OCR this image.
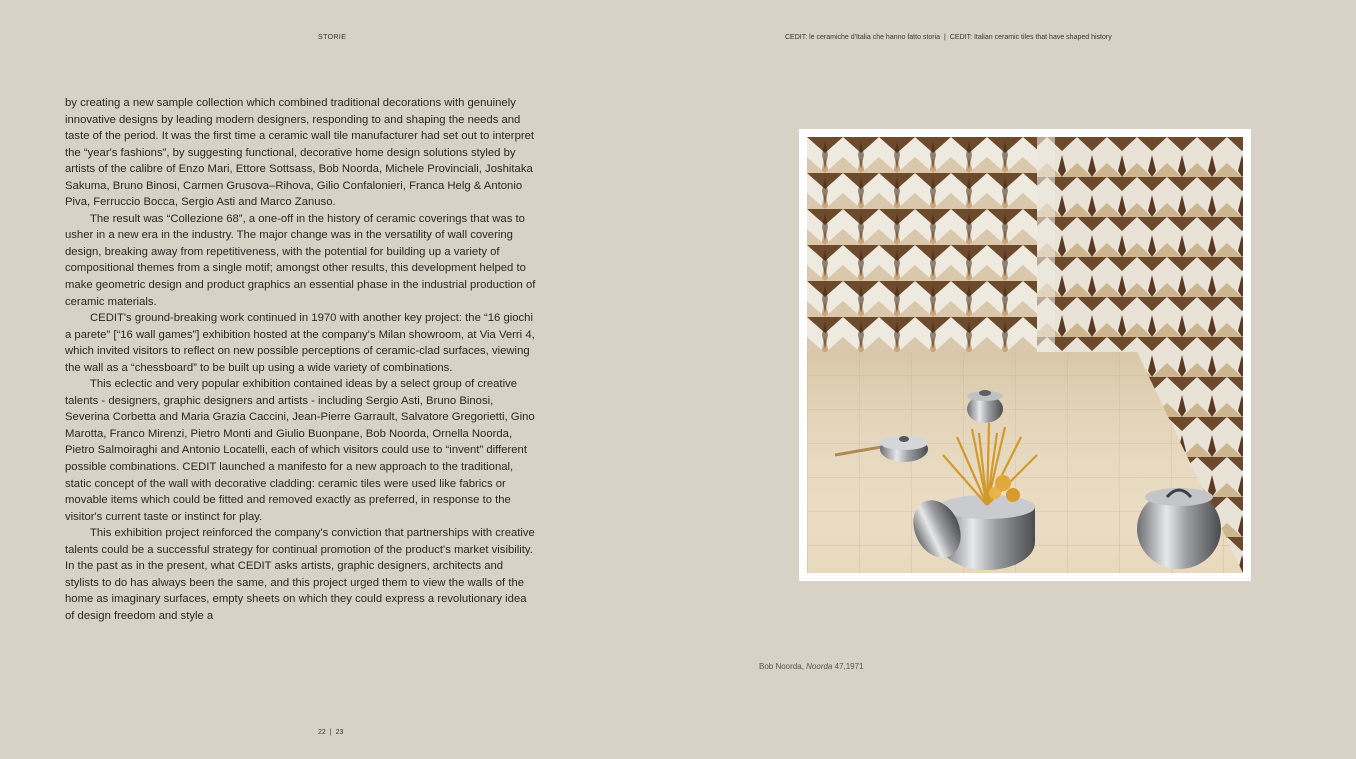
STORIE	CEDIT: le ceramiche d'Italia che hanno fatto storia | CEDIT: Italian ceramic tiles that have shaped history

by creating a new sample collection which combined traditional decorations with genuinely innovative designs by leading modern designers, responding to and shaping the needs and taste of the period. It was the first time a ceramic wall tile manufacturer had set out to interpret the “year's fashions”, by suggesting functional, decorative home design solutions styled by artists of the calibre of Enzo Mari, Ettore Sottsass, Bob Noorda, Michele Provinciali, Joshitaka Sakuma, Bruno Binosi, Carmen Grusova–Rihova, Gilio Confalonieri, Franca Helg & Antonio Piva, Ferruccio Bocca, Sergio Asti and Marco Zanuso.

The result was “Collezione 68”, a one-off in the history of ceramic coverings that was to usher in a new era in the industry. The major change was in the versatility of wall covering design, breaking away from repetitiveness, with the potential for building up a variety of compositional themes from a single motif; amongst other results, this development helped to make geometric design and product graphics an essential phase in the industrial production of ceramic materials.

CEDIT's ground-breaking work continued in 1970 with another key project: the “16 giochi a parete” [“16 wall games”] exhibition hosted at the company's Milan showroom, at Via Verri 4, which invited visitors to reflect on new possible perceptions of ceramic-clad surfaces, viewing the wall as a “chessboard” to be built up using a wide variety of combinations.

This eclectic and very popular exhibition contained ideas by a select group of creative talents - designers, graphic designers and artists - including Sergio Asti, Bruno Binosi, Severina Corbetta and Maria Grazia Caccini, Jean-Pierre Garrault, Salvatore Gregorietti, Gino Marotta, Franco Mirenzi, Pietro Monti and Giulio Buonpane, Bob Noorda, Ornella Noorda, Pietro Salmoiraghi and Antonio Locatelli, each of which visitors could use to “invent” different possible combinations. CEDIT launched a manifesto for a new approach to the traditional, static concept of the wall with decorative cladding: ceramic tiles were used like fabrics or movable items which could be fitted and removed exactly as preferred, in response to the visitor's current taste or instinct for play.

This exhibition project reinforced the company's conviction that partnerships with creative talents could be a successful strategy for continual promotion of the product's market visibility. In the past as in the present, what CEDIT asks artists, graphic designers, architects and stylists to do has always been the same, and this project urged them to view the walls of the home as imaginary surfaces, empty sheets on which they could express a revolutionary idea of design freedom and style a

Bob Noorda, Noorda 47,1971
22 | 23
